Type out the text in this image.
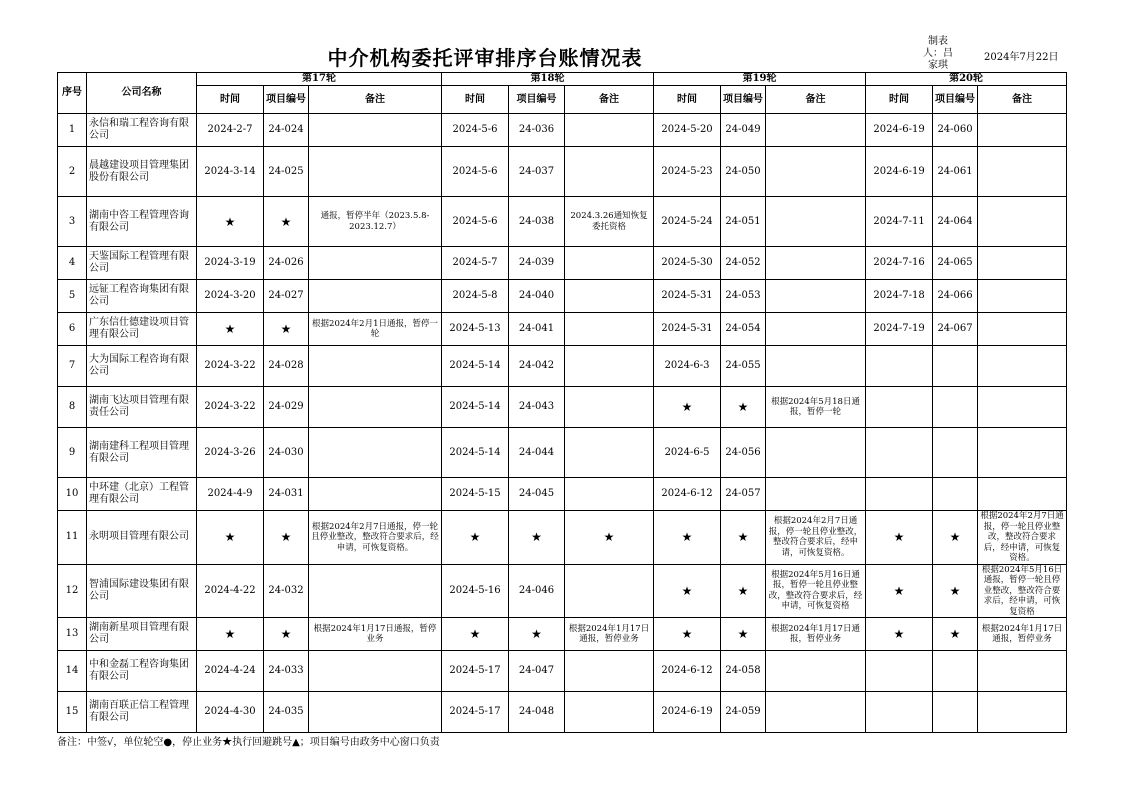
中介机构委托评审排序台账情况表
制表人：吕家琪
2024年7月22日
序号	公司名称	第17轮			第18轮			第19轮			第20轮		
		时间	项目编号	备注	时间	项目编号	备注	时间	项目编号	备注	时间	项目编号	备注
1	永信和瑞工程咨询有限公司	2024-2-7	24-024		2024-5-6	24-036		2024-5-20	24-049		2024-6-19	24-060	
2	晨越建设项目管理集团股份有限公司	2024-3-14	24-025		2024-5-6	24-037		2024-5-23	24-050		2024-6-19	24-061	
3	湖南中咨工程管理咨询有限公司	★	★	通报，暂停半年（2023.5.8-2023.12.7）	2024-5-6	24-038	2024.3.26通知恢复委托资格	2024-5-24	24-051		2024-7-11	24-064	
4	天鉴国际工程管理有限公司	2024-3-19	24-026		2024-5-7	24-039		2024-5-30	24-052		2024-7-16	24-065	
5	远钲工程咨询集团有限公司	2024-3-20	24-027		2024-5-8	24-040		2024-5-31	24-053		2024-7-18	24-066	
6	广东信仕德建设项目管理有限公司	★	★	根据2024年2月1日通报，暂停一轮	2024-5-13	24-041		2024-5-31	24-054		2024-7-19	24-067	
7	大为国际工程咨询有限公司	2024-3-22	24-028		2024-5-14	24-042		2024-6-3	24-055				
8	湖南飞达项目管理有限责任公司	2024-3-22	24-029		2024-5-14	24-043		★	★	根据2024年5月18日通报，暂停一轮			
9	湖南建科工程项目管理有限公司	2024-3-26	24-030		2024-5-14	24-044		2024-6-5	24-056				
10	中环建（北京）工程管理有限公司	2024-4-9	24-031		2024-5-15	24-045		2024-6-12	24-057				
11	永明项目管理有限公司	★	★	根据2024年2月7日通报，停一轮且停业整改，整改符合要求后，经申请，可恢复资格。	★	★	★	★	★	根据2024年2月7日通报，停一轮且停业整改，整改符合要求后，经申请，可恢复资格。	★	★	根据2024年2月7日通报，停一轮且停业整改，整改符合要求后，经申请，可恢复资格。
12	智浦国际建设集团有限公司	2024-4-22	24-032		2024-5-16	24-046		★	★	根据2024年5月16日通报，暂停一轮且停业整改，整改符合要求后，经申请，可恢复资格	★	★	根据2024年5月16日通报，暂停一轮且停业整改，整改符合要求后，经申请，可恢复资格
13	湖南新星项目管理有限公司	★	★	根据2024年1月17日通报，暂停业务	★	★	根据2024年1月17日通报，暂停业务	★	★	根据2024年1月17日通报，暂停业务	★	★	根据2024年1月17日通报，暂停业务
14	中和金磊工程咨询集团有限公司	2024-4-24	24-033		2024-5-17	24-047		2024-6-12	24-058				
15	湖南百联正信工程管理有限公司	2024-4-30	24-035		2024-5-17	24-048		2024-6-19	24-059				
备注：中签√，单位轮空●，停止业务★执行回避跳号▲；项目编号由政务中心窗口负责
